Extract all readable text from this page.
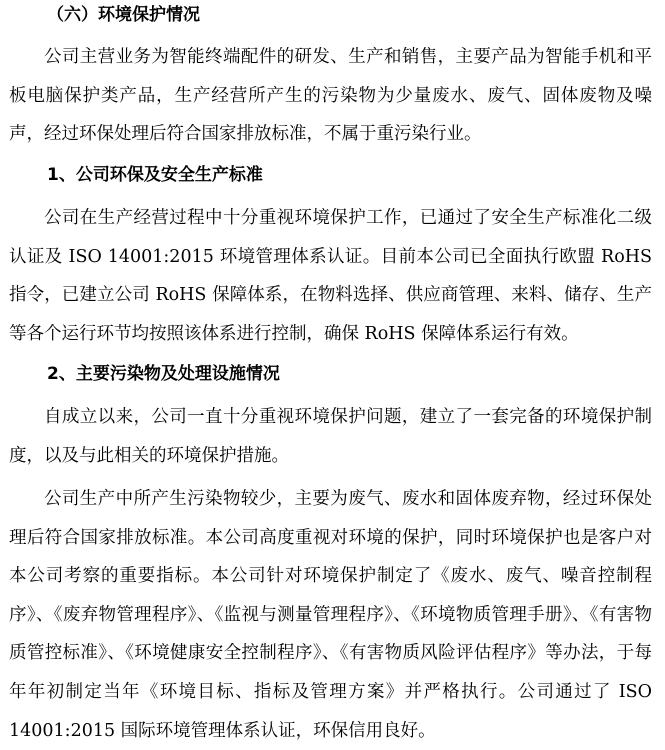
（六）环境保护情况

公司主营业务为智能终端配件的研发、生产和销售，主要产品为智能手机和平板电脑保护类产品，生产经营所产生的污染物为少量废水、废气、固体废物及噪声，经过环保处理后符合国家排放标准，不属于重污染行业。

1、公司环保及安全生产标准

公司在生产经营过程中十分重视环境保护工作，已通过了安全生产标准化二级认证及 ISO 14001:2015 环境管理体系认证。目前本公司已全面执行欧盟 RoHS 指令，已建立公司 RoHS 保障体系，在物料选择、供应商管理、来料、储存、生产等各个运行环节均按照该体系进行控制，确保 RoHS 保障体系运行有效。

2、主要污染物及处理设施情况

自成立以来，公司一直十分重视环境保护问题，建立了一套完备的环境保护制度，以及与此相关的环境保护措施。

公司生产中所产生污染物较少，主要为废气、废水和固体废弃物，经过环保处理后符合国家排放标准。本公司高度重视对环境的保护，同时环境保护也是客户对本公司考察的重要指标。本公司针对环境保护制定了《废水、废气、噪音控制程序》、《废弃物管理程序》、《监视与测量管理程序》、《环境物质管理手册》、《有害物质管控标准》、《环境健康安全控制程序》、《有害物质风险评估程序》等办法，于每年年初制定当年《环境目标、指标及管理方案》并严格执行。公司通过了 ISO 14001:2015 国际环境管理体系认证，环保信用良好。
